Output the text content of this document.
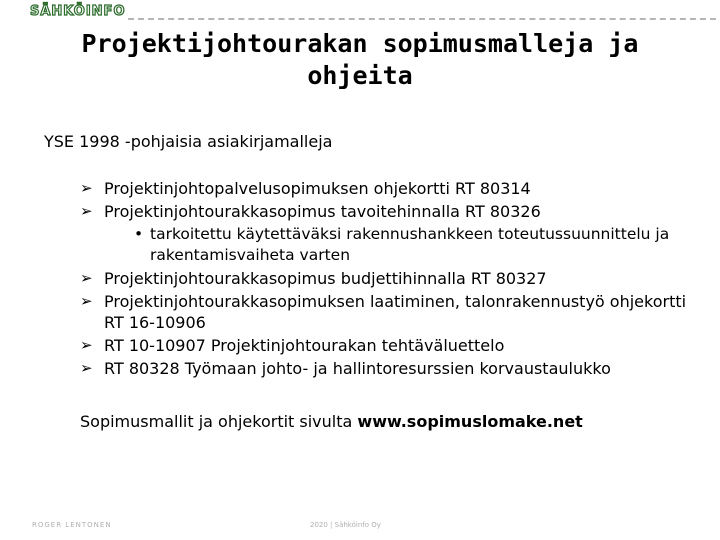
SÄHKÖINFO
Projektijohtourakan sopimusmalleja ja ohjeita
YSE 1998 -pohjaisia asiakirjamalleja
➢ Projektinjohtopalvelusopimuksen ohjekortti RT 80314
➢ Projektinjohtourakkasopimus tavoitehinnalla RT 80326
• tarkoitettu käytettäväksi rakennushankkeen toteutussuunnittelu ja rakentamisvaiheta varten
➢ Projektinjohtourakkasopimus budjettihinnalla RT 80327
➢ Projektinjohtourakkasopimuksen laatiminen, talonrakennustyö ohjekortti RT 16-10906
➢ RT 10-10907 Projektinjohtourakan tehtäväluettelo
➢ RT 80328 Työmaan johto- ja hallintoresurssien korvaustaulukko
Sopimusmallit ja ohjekortit sivulta www.sopimuslomake.net
ROGER LENTONEN	2020 | Sähköinfo Oy
